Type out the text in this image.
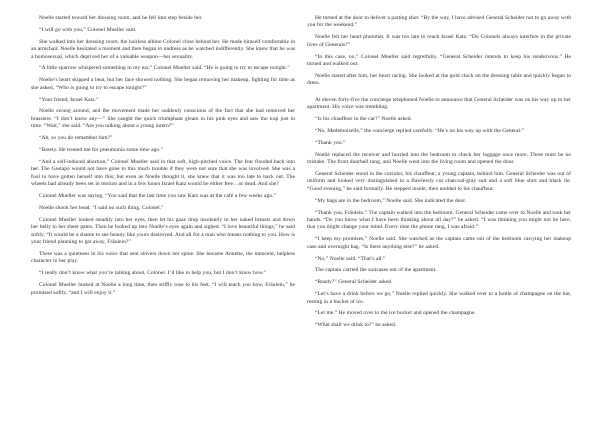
Noelle started toward her dressing room, and he fell into step beside her.

“I will go with you,” Colonel Mueller said.

She walked into her dressing room, the hairless albino Colonel close behind her. He made himself comfortable in an armchair. Noelle hesitated a moment and then began to undress as he watched indifferently. She knew that he was a homosexual, which deprived her of a valuable weapon—her sexuality.

“A little sparrow whispered something in my ear,” Colonel Mueller said. “He is going to try to escape tonight.”

Noelle’s heart skipped a beat, but her face showed nothing. She began removing her makeup, fighting for time as she asked, “Who is going to try to escape tonight?”

“Your friend, Israel Katz.”

Noelle swung around, and the movement made her suddenly conscious of the fact that she had removed her brassiere. “I don’t know any—” She caught the quick triumphant gleam in his pink eyes and saw the trap just in time. “Wait,” she said. “Are you talking about a young intern?”

“Ah, so you do remember him?”

“Barely. He treated me for pneumonia some time ago.”

“And a self-induced abortion,” Colonel Mueller said in that soft, high-pitched voice. The fear flooded back into her. The Gestapo would not have gone to this much trouble if they were not sure that she was involved. She was a fool to have gotten herself into this; but even as Noelle thought it, she knew that it was too late to back out. The wheels had already been set in motion and in a few hours Israel Katz would be either free…or dead. And she?

Colonel Mueller was saying, “You said that the last time you saw Katz was at the café a few weeks ago.”

Noelle shook her head. “I said no such thing, Colonel.”

Colonel Mueller looked steadily into her eyes, then let his gaze drop insolently to her naked breasts and down her belly to her sheer pants. Then he looked up into Noelle’s eyes again and sighed. “I love beautiful things,” he said softly. “It would be a shame to see beauty like yours destroyed. And all for a man who means nothing to you. How is your friend planning to get away, Fräulein?”

There was a quietness in his voice that sent shivers down her spine. She became Annette, the innocent, helpless character in her play.

“I really don’t know what you’re talking about, Colonel. I’d like to help you, but I don’t know how.”

Colonel Mueller looked at Noelle a long time, then stiffly rose to his feet. “I will teach you how, Fräulein,” he promised softly, “and I will enjoy it.”

He turned at the door to deliver a parting shot. “By the way, I have advised General Scheider not to go away with you for the weekend.”

Noelle felt her heart plummet. It was too late to reach Israel Katz. “Do Colonels always interfere in the private lives of Generals?”

“In this case, no,” Colonel Mueller said regretfully. “General Scheider intends to keep his rendezvous.” He turned and walked out.

Noelle stared after him, her heart racing. She looked at the gold clock on the dressing table and quickly began to dress.

At eleven forty-five the concierge telephoned Noelle to announce that General Scheider was on his way up to her apartment. His voice was trembling.

“Is his chauffeur in the car?” Noelle asked.

“No, Mademoiselle,” the concierge replied carefully. “He’s on his way up with the General.”

“Thank you.”

Noelle replaced the receiver and hurried into the bedroom to check her luggage once more. Three must be no mistake. The front doorbell rang, and Noelle went into the living room and opened the door.

General Scheider stood in the corridor, his chauffeur, a young captain, behind him. General Scheider was out of uniform and looked very distinguished in a flawlessly cut charcoal-gray suit and a soft blue shirt and black tie. “Good evening,” he said formally. He stepped inside, then nodded to his chauffeur.

“My bags are in the bedroom,” Noelle said. She indicated the door.

“Thank you, Fräulein.” The captain walked into the bedroom. General Scheider came over to Noelle and took her hands. “Do you know what I have been thinking about all day?” he asked. “I was thinking you might not be here, that you might change your mind. Every time the phone rang, I was afraid.”

“I keep my promises,” Noelle said. She watched as the captain came out of the bedroom carrying her makeup case and overnight bag. “Is there anything else?” he asked.

“No,” Noelle said. “That’s all.”

The captain carried the suitcases out of the apartment.

“Ready?” General Scheider asked.

“Let’s have a drink before we go,” Noelle replied quickly. She walked over to a bottle of champagne on the bar, resting in a bucket of ice.

“Let me.” He moved over to the ice bucket and opened the champagne.

“What shall we drink to?” he asked.
